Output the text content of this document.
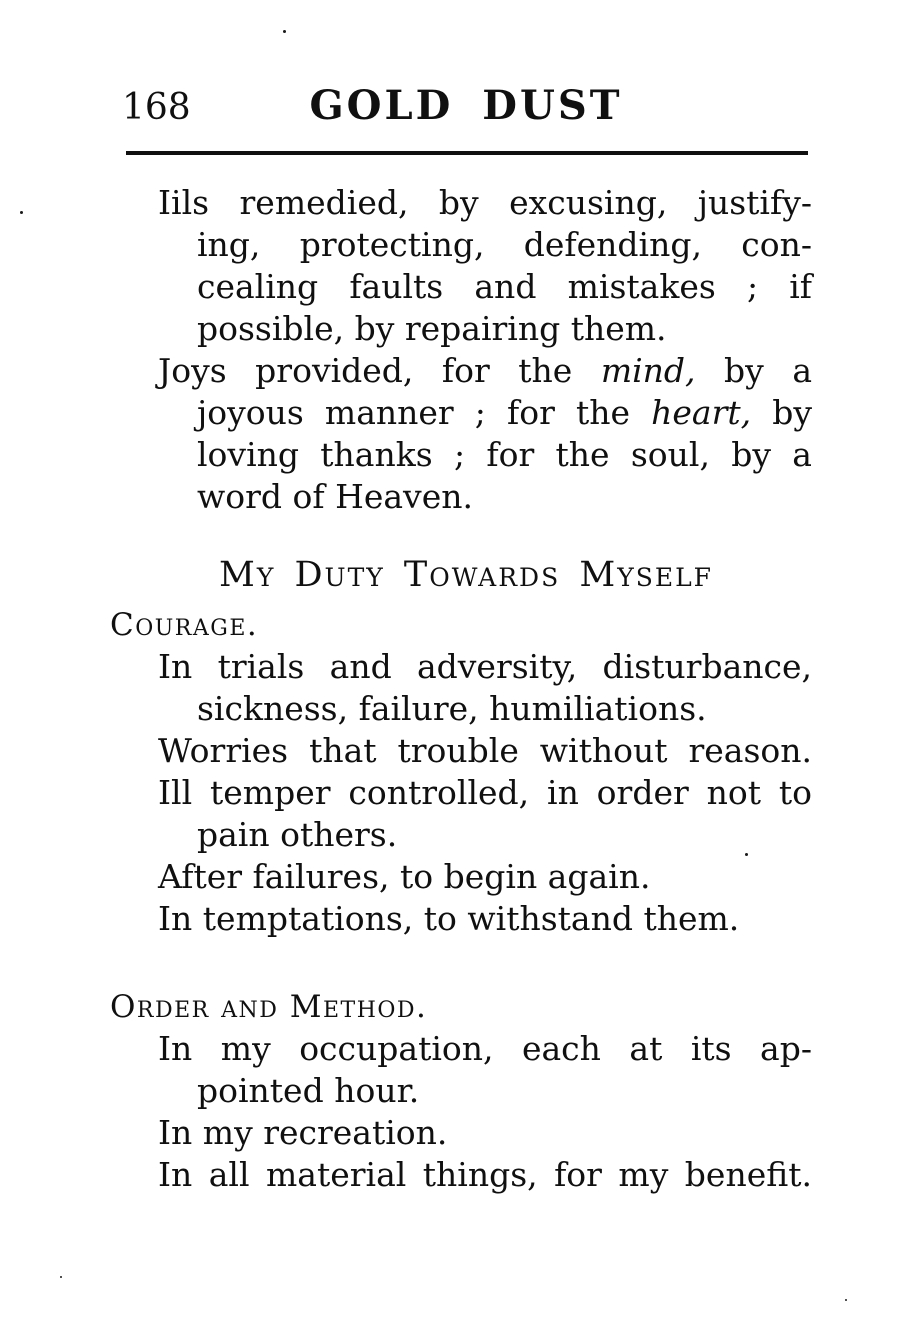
168	GOLD DUST
Iils remedied, by excusing, justify-
ing, protecting, defending, con-
cealing faults and mistakes ; if
possible, by repairing them.
Joys provided, for the mind, by a
joyous manner ; for the heart, by
loving thanks ; for the soul, by a
word of Heaven.
My Duty Towards Myself
Courage.
In trials and adversity, disturbance,
sickness, failure, humiliations.
Worries that trouble without reason.
Ill temper controlled, in order not to
pain others.
After failures, to begin again.
In temptations, to withstand them.
Order and Method.
In my occupation, each at its ap-
pointed hour.
In my recreation.
In all material things, for my benefit.
